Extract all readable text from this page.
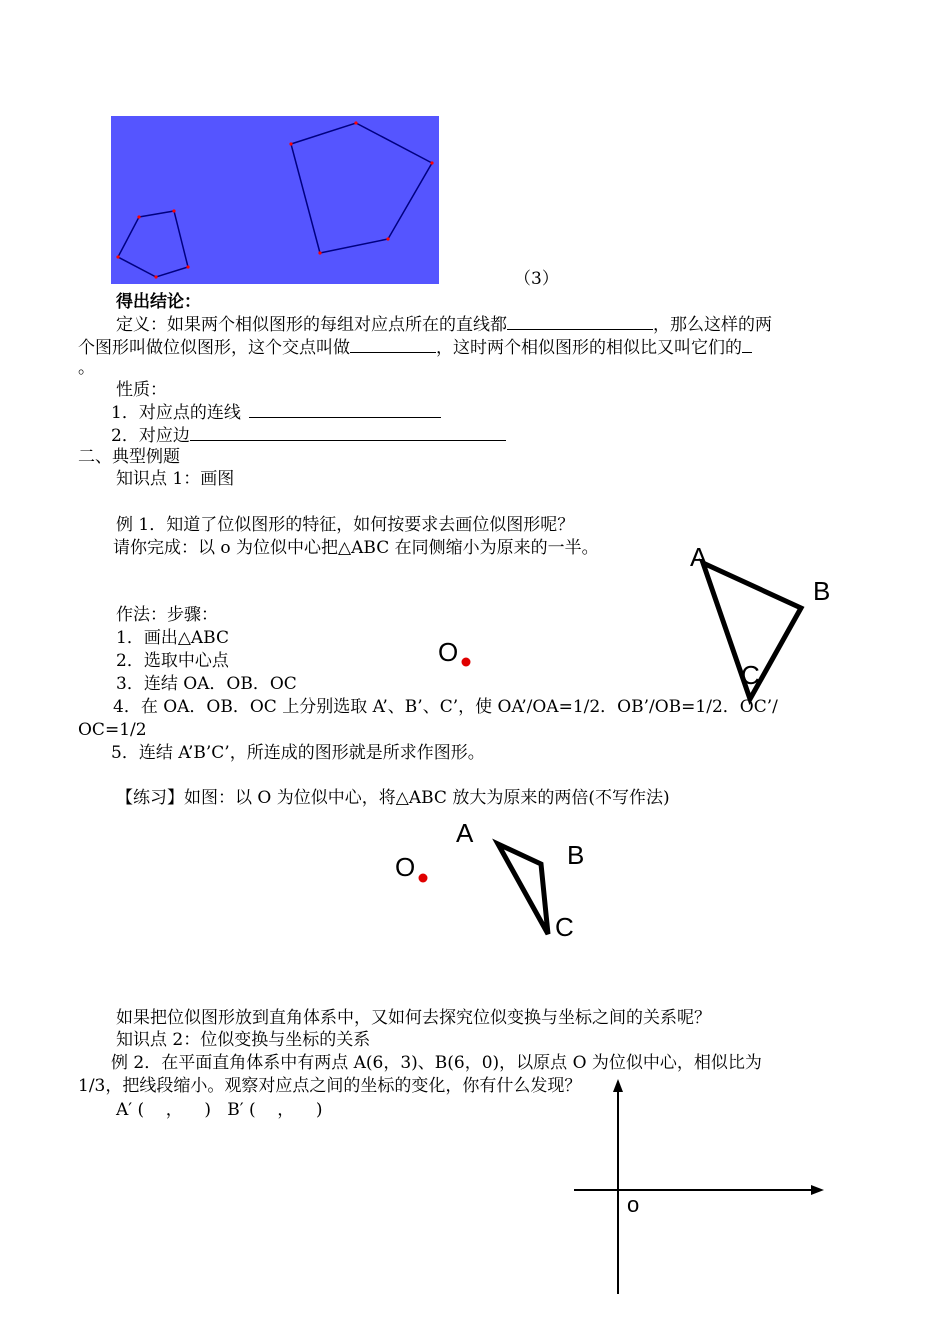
（3）
得出结论：
定义：如果两个相似图形的每组对应点所在的直线都	，那么这样的两
个图形叫做位似图形，这个交点叫做	，这时两个相似图形的相似比又叫它们的
。
性质：
1．对应点的连线
2．对应边
二、典型例题
知识点 1：画图
例 1．知道了位似图形的特征，如何按要求去画位似图形呢？
请你完成：以 o 为位似中心把△ABC 在同侧缩小为原来的一半。
作法：步骤：
1．画出△ABC
2．选取中心点
3．连结 OA．OB．OC
4．在 OA．OB．OC 上分别选取 A’、B’、C’，使 OA’/OA=1/2．OB’/OB=1/2．OC’/
OC=1/2
5．连结 A’B’C’，所连成的图形就是所求作图形。
A
B
C
O
【练习】如图：以 O 为位似中心，将△ABC 放大为原来的两倍(不写作法)
A
B
C
O
如果把位似图形放到直角体系中，又如何去探究位似变换与坐标之间的关系呢？
知识点 2：位似变换与坐标的关系
例 2．在平面直角体系中有两点 A(6，3)、B(6，0)，以原点 O 为位似中心，相似比为
1/3，把线段缩小。观察对应点之间的坐标的变化，你有什么发现？
A′ (    ，    )   B′ (    ，    )
o
